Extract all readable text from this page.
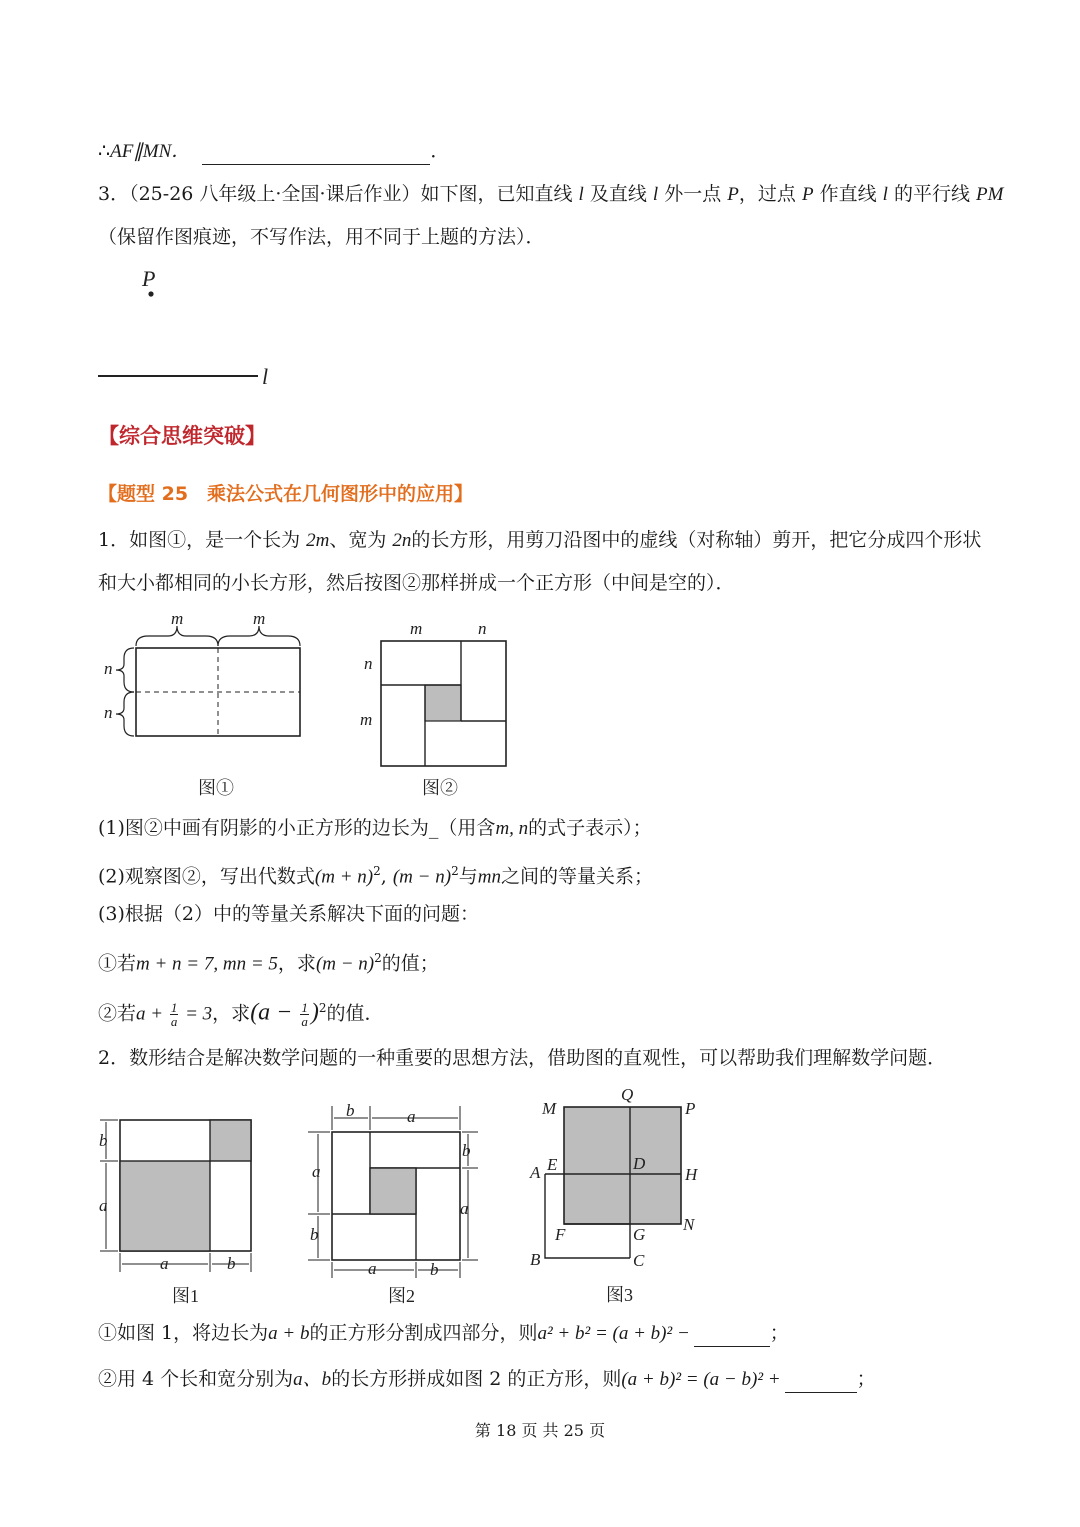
∴AF∥MN．	．
3．（25-26 八年级上·全国·课后作业）如下图，已知直线 l 及直线 l 外一点 P，过点 P 作直线 l 的平行线 PM
（保留作图痕迹，不写作法，用不同于上题的方法）．
P
l
【综合思维突破】
【题型 25　乘法公式在几何图形中的应用】
1．如图①，是一个长为 2m、宽为 2n的长方形，用剪刀沿图中的虚线（对称轴）剪开，把它分成四个形状
和大小都相同的小长方形，然后按图②那样拼成一个正方形（中间是空的）．
m	m
n
n
图①
m	n
n
m
图②
(1)图②中画有阴影的小正方形的边长为_（用含m, n的式子表示）；
(2)观察图②，写出代数式$(m + n)^2$, $(m - n)^2$与mn之间的等量关系；
(3)根据（2）中的等量关系解决下面的问题：
①若m + n = 7, mn = 5，求$(m - n)^2$的值；
②若$a + \frac{1}{a} = 3$，求$(a - \frac{1}{a} )^2$的值．
2．数形结合是解决数学问题的一种重要的思想方法，借助图的直观性，可以帮助我们理解数学问题．
b
a
a	b
图1
b	a
a
b
b
a
a	b
图2
M
Q
P
A E	D
H
F	G
N
B	C
图3
①如图 1，将边长为a + b的正方形分割成四部分，则a² + b² = (a + b)² −	；
②用 4 个长和宽分别为a、b的长方形拼成如图 2 的正方形，则(a + b)² = (a − b)² +	；
第 18 页 共 25 页
